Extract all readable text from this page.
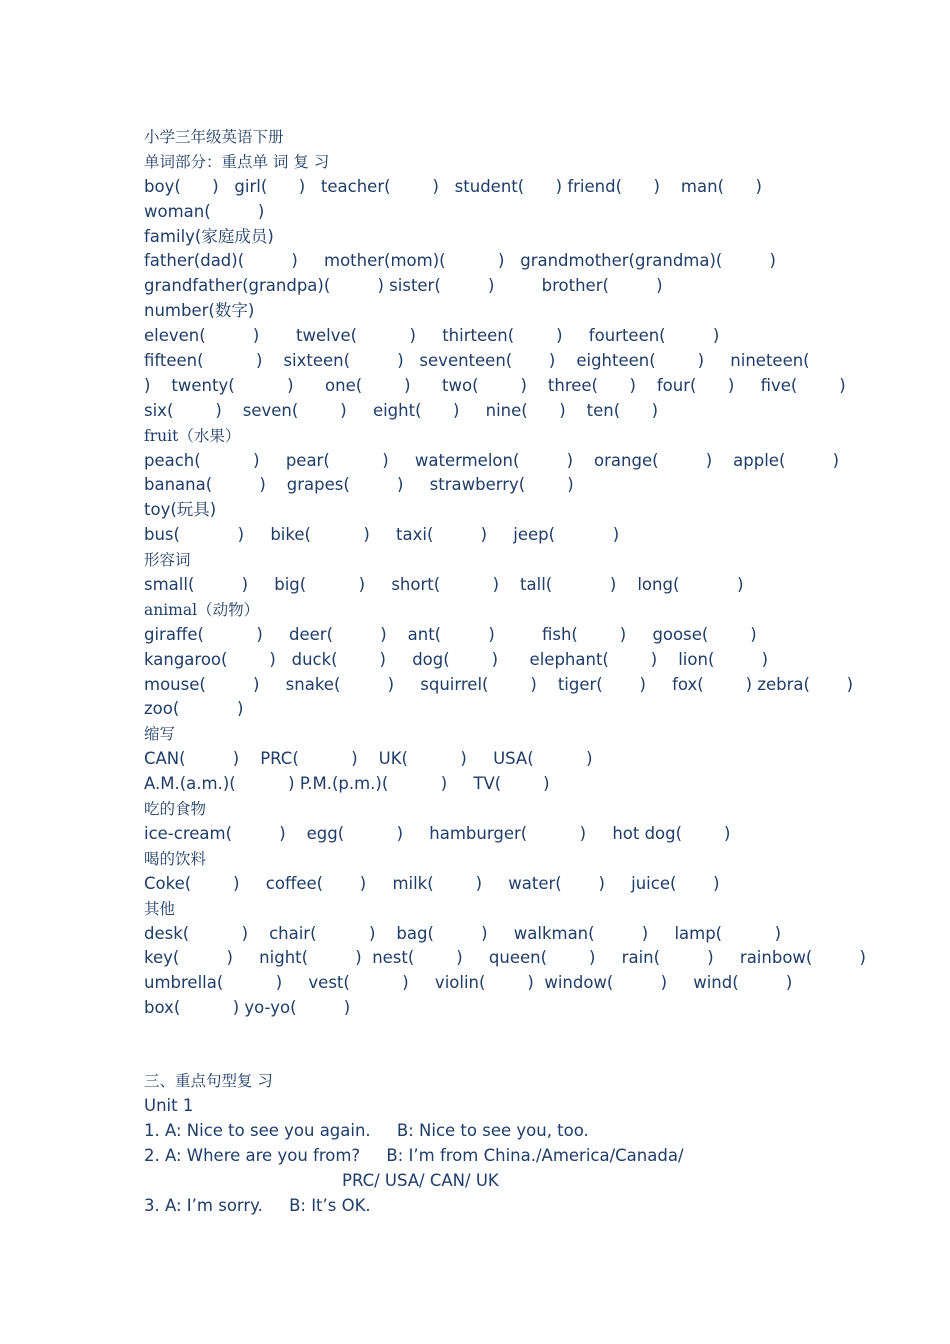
小学三年级英语下册
单词部分：重点单 词 复 习
boy(      )   girl(      )   teacher(        )   student(      ) friend(      )    man(      )
woman(         )
family(家庭成员)
father(dad)(         )     mother(mom)(          )   grandmother(grandma)(         )
grandfather(grandpa)(         ) sister(         )         brother(         )
number(数字)
eleven(         )       twelve(          )     thirteen(        )     fourteen(         )
fifteen(          )    sixteen(         )   seventeen(       )    eighteen(        )     nineteen(
)    twenty(          )      one(        )      two(        )    three(      )    four(      )     five(        )
six(        )    seven(        )     eight(      )     nine(      )    ten(      )
fruit（水果）
peach(          )     pear(          )     watermelon(         )    orange(         )    apple(         )
banana(         )    grapes(         )     strawberry(        )
toy(玩具)
bus(           )     bike(          )     taxi(         )     jeep(           )
形容词
small(         )     big(          )     short(          )    tall(           )    long(           )
animal（动物）
giraffe(          )     deer(         )    ant(         )         fish(        )     goose(        )
kangaroo(        )   duck(        )     dog(        )      elephant(        )    lion(         )
mouse(         )     snake(         )     squirrel(        )    tiger(       )     fox(        ) zebra(       )
zoo(           )
缩写
CAN(         )    PRC(          )    UK(          )     USA(          )
A.M.(a.m.)(          ) P.M.(p.m.)(          )     TV(        )
吃的食物
ice-cream(         )    egg(          )     hamburger(          )     hot dog(        )
喝的饮料
Coke(        )     coffee(       )     milk(        )     water(       )     juice(       )
其他
desk(          )    chair(          )    bag(         )     walkman(         )     lamp(          )
key(         )     night(         )  nest(        )     queen(        )     rain(         )     rainbow(         )
umbrella(          )     vest(          )     violin(        )  window(         )     wind(         )
box(          ) yo-yo(         )
三、重点句型复 习
Unit 1
1. A: Nice to see you again.     B: Nice to see you, too.
2. A: Where are you from?     B: I’m from China./America/Canada/
PRC/ USA/ CAN/ UK
3. A: I’m sorry.     B: It’s OK.
